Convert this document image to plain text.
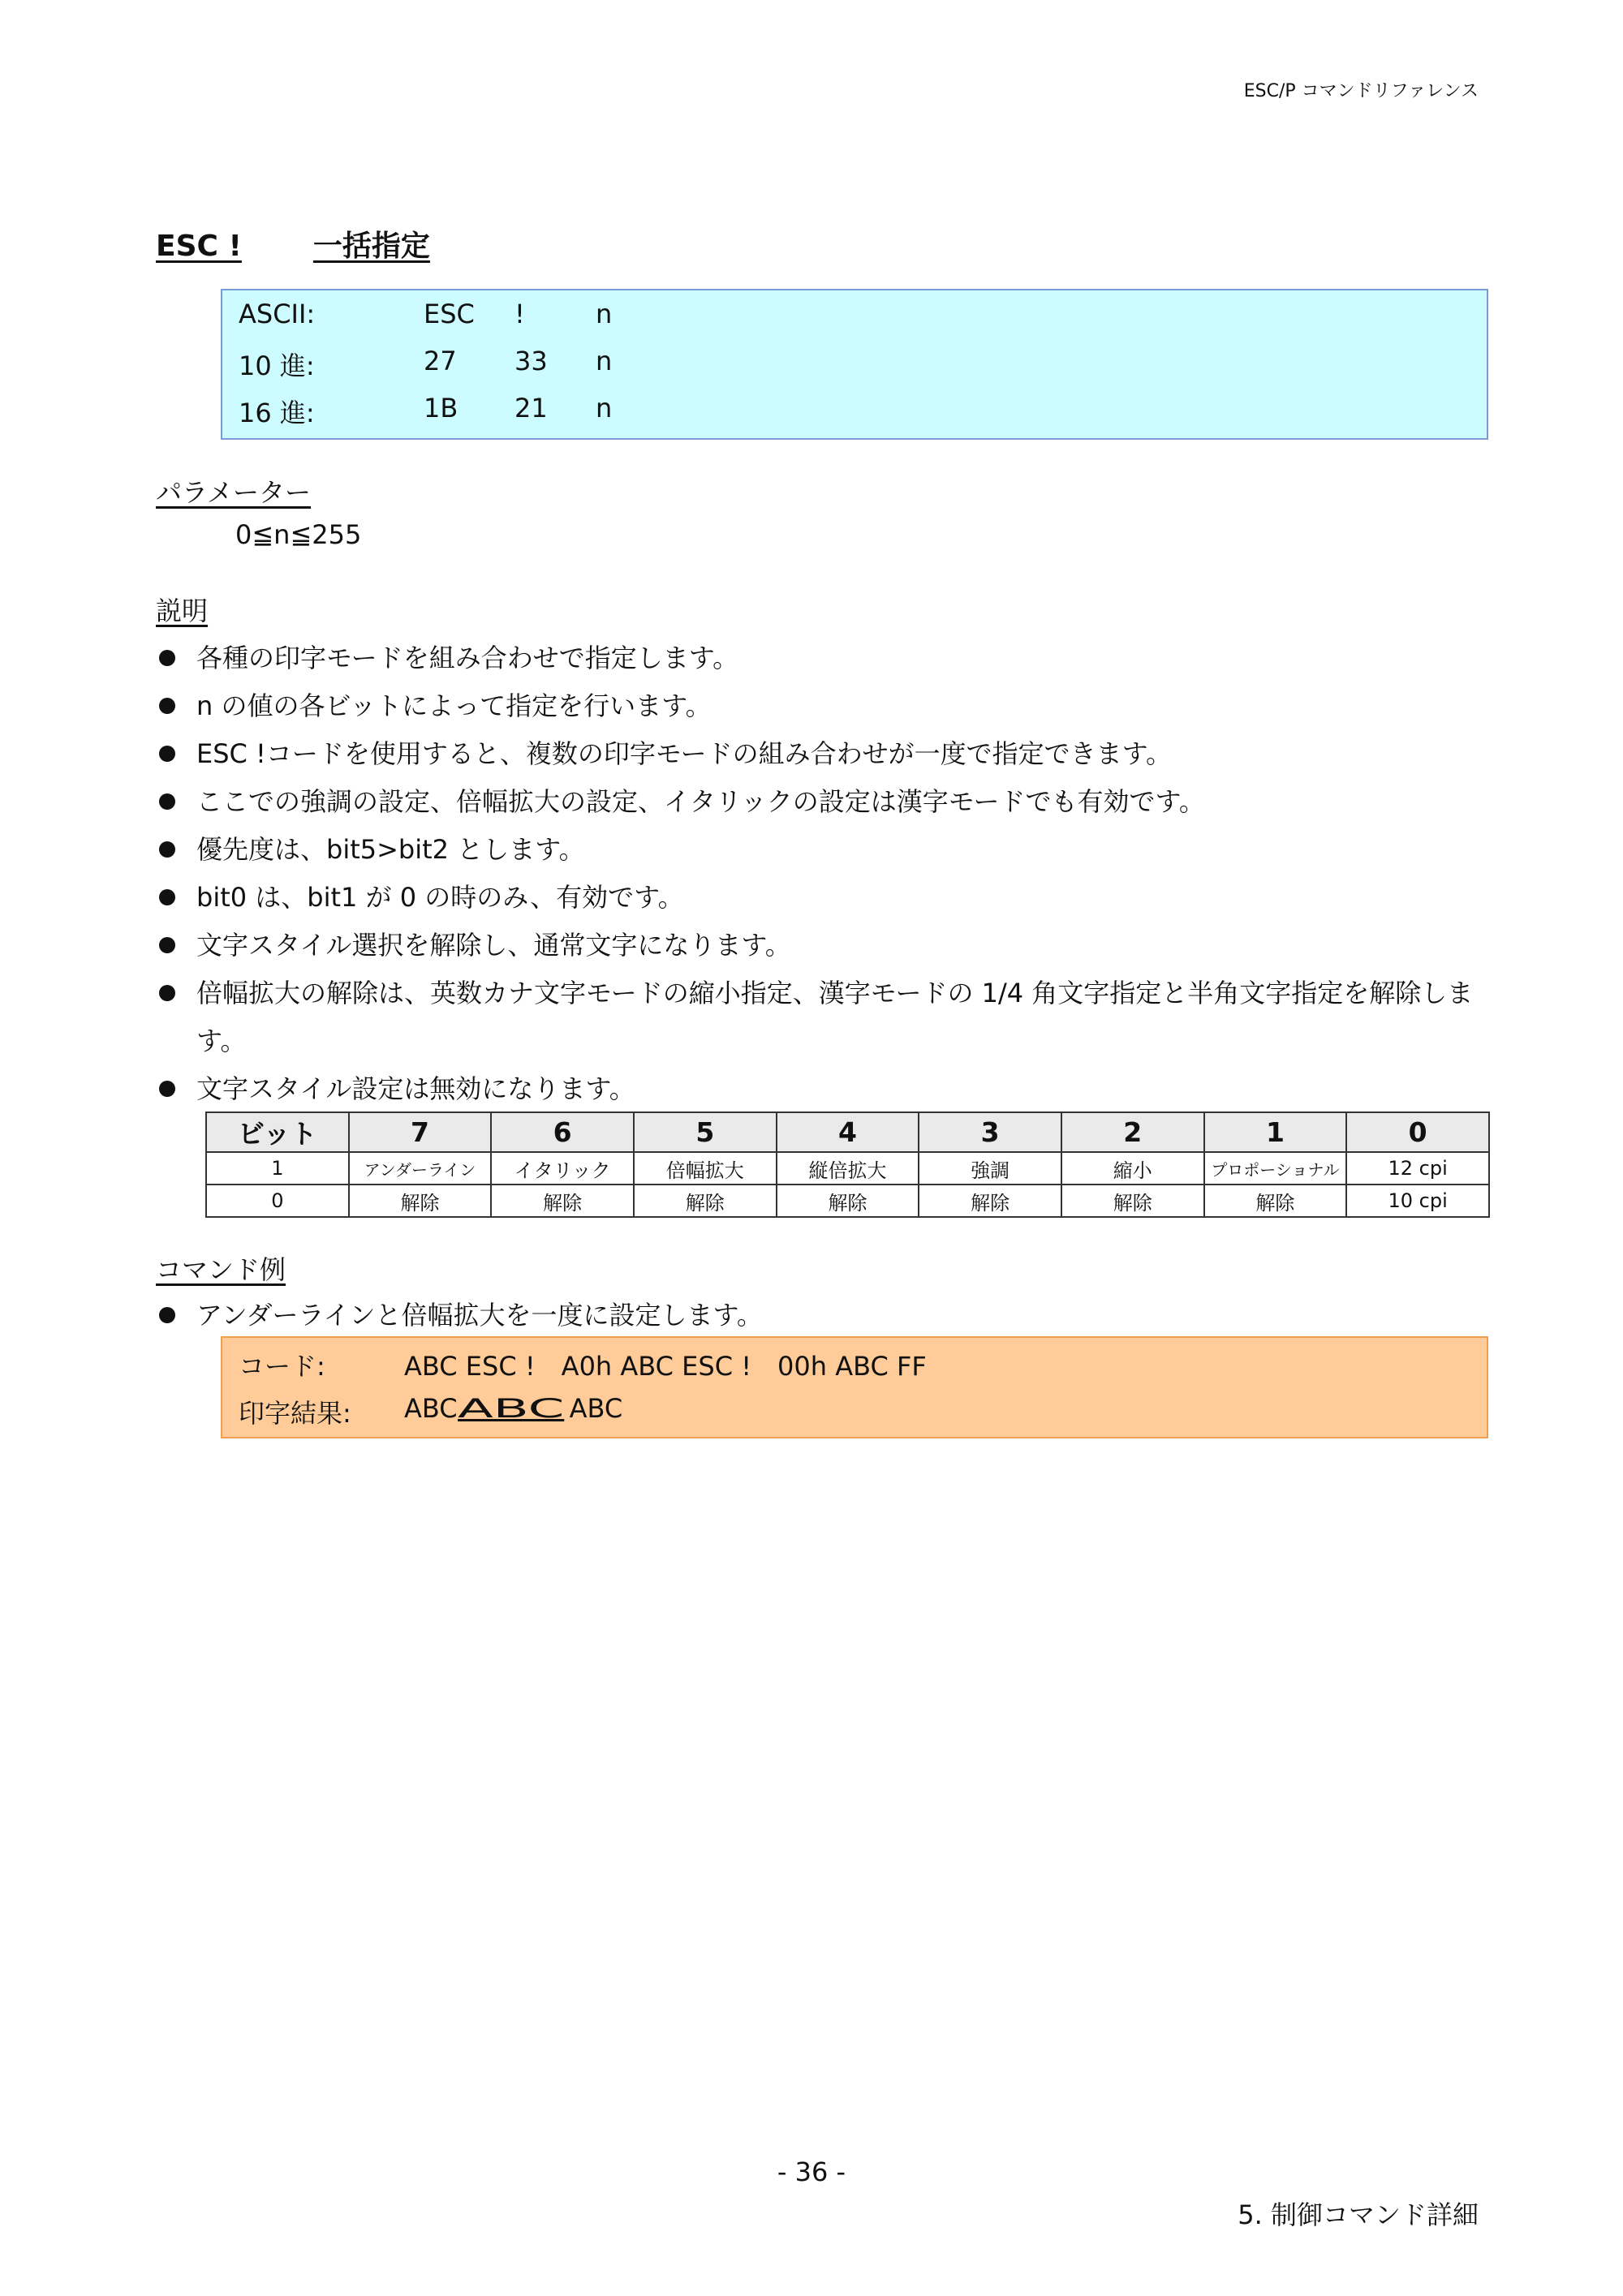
ESC/P コマンドリファレンス
ESC ! 一括指定
ASCII:	ESC !	n
10 進:	27 33 n
16 進:	1B 21 n
パラメーター
0≦n≦255
説明
各種の印字モードを組み合わせで指定します。
n の値の各ビットによって指定を行います。
ESC !コードを使用すると、複数の印字モードの組み合わせが一度で指定できます。
ここでの強調の設定、倍幅拡大の設定、イタリックの設定は漢字モードでも有効です。
優先度は、bit5>bit2 とします。
bit0 は、bit1 が 0 の時のみ、有効です。
文字スタイル選択を解除し、通常文字になります。
倍幅拡大の解除は、英数カナ文字モードの縮小指定、漢字モードの 1/4 角文字指定と半角文字指定を解除します。
文字スタイル設定は無効になります。
ビット	7	6	5	4	3	2	1	0
1	アンダーライン	イタリック	倍幅拡大	縦倍拡大	強調	縮小	プロポーショナル	12 cpi
0	解除	解除	解除	解除	解除	解除	解除	10 cpi
コマンド例
アンダーラインと倍幅拡大を一度に設定します。
コード:	ABC ESC !　A0h ABC ESC !　00h ABC FF
印字結果: ABCABC ABC
- 36 -
5. 制御コマンド詳細
